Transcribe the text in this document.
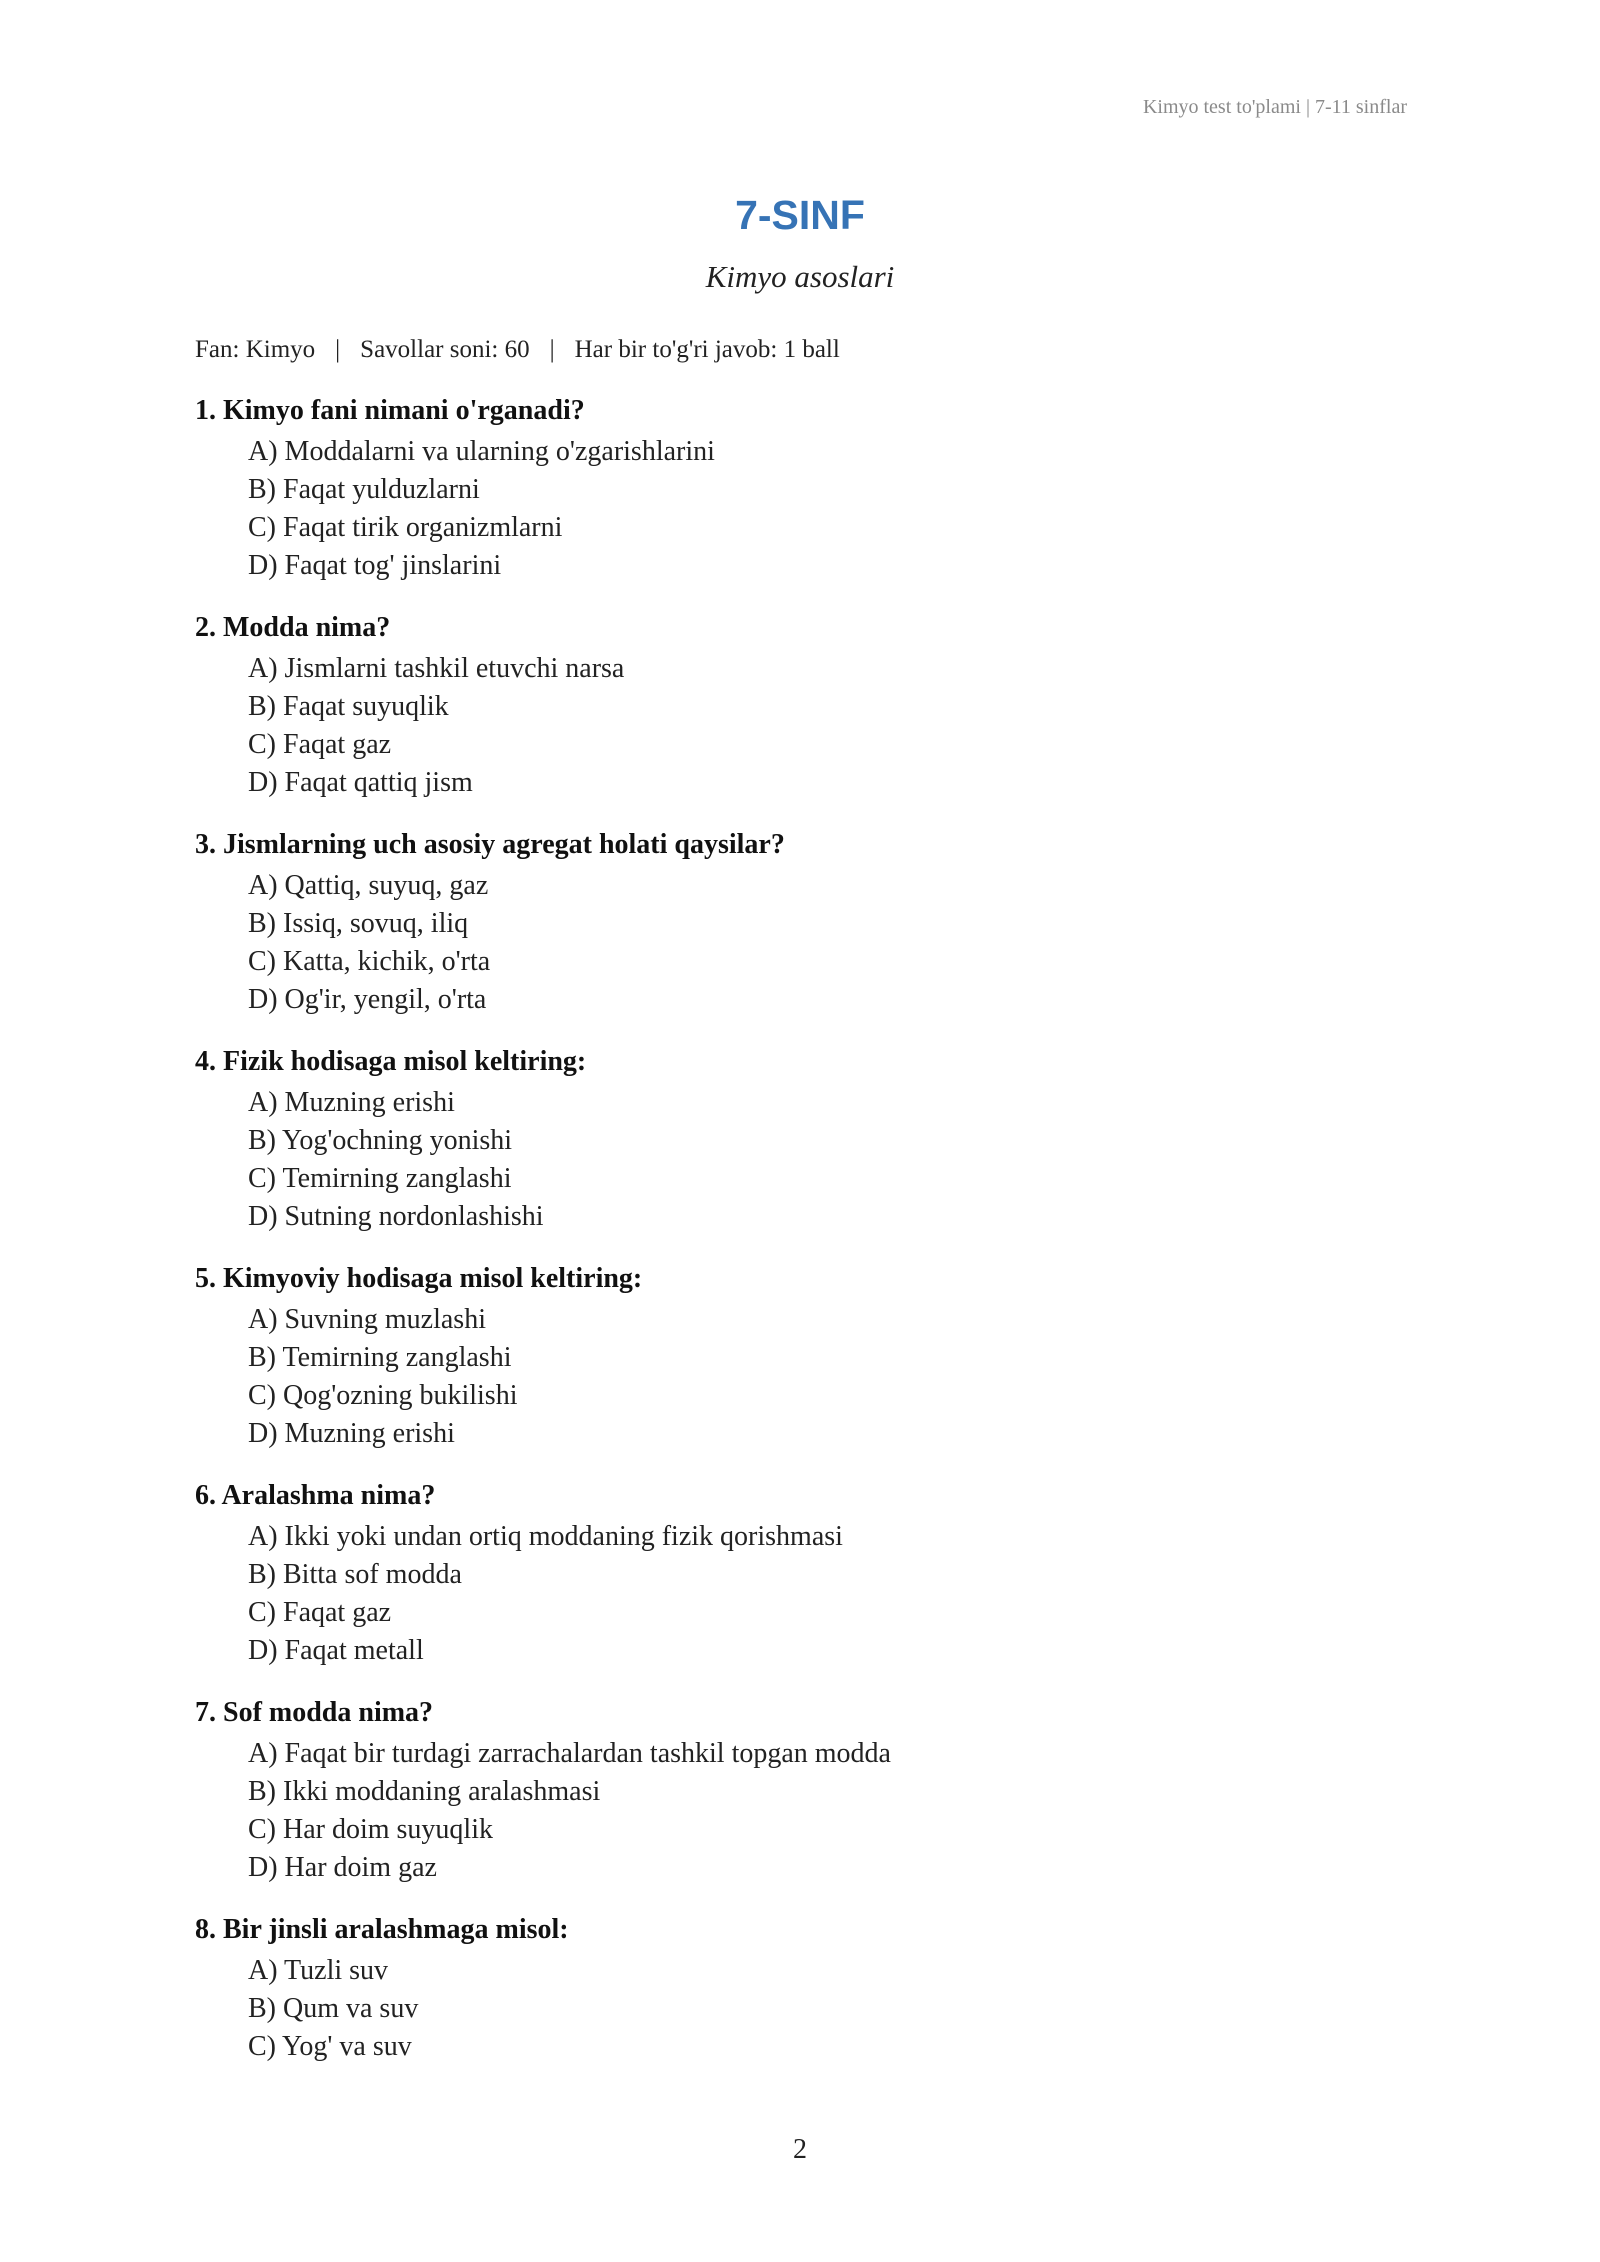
Kimyo test to'plami | 7-11 sinflar
7-SINF
Kimyo asoslari
Fan: Kimyo | Savollar soni: 60 | Har bir to'g'ri javob: 1 ball
1. Kimyo fani nimani o'rganadi?
A) Moddalarni va ularning o'zgarishlarini
B) Faqat yulduzlarni
C) Faqat tirik organizmlarni
D) Faqat tog' jinslarini
2. Modda nima?
A) Jismlarni tashkil etuvchi narsa
B) Faqat suyuqlik
C) Faqat gaz
D) Faqat qattiq jism
3. Jismlarning uch asosiy agregat holati qaysilar?
A) Qattiq, suyuq, gaz
B) Issiq, sovuq, iliq
C) Katta, kichik, o'rta
D) Og'ir, yengil, o'rta
4. Fizik hodisaga misol keltiring:
A) Muzning erishi
B) Yog'ochning yonishi
C) Temirning zanglashi
D) Sutning nordonlashishi
5. Kimyoviy hodisaga misol keltiring:
A) Suvning muzlashi
B) Temirning zanglashi
C) Qog'ozning bukilishi
D) Muzning erishi
6. Aralashma nima?
A) Ikki yoki undan ortiq moddaning fizik qorishmasi
B) Bitta sof modda
C) Faqat gaz
D) Faqat metall
7. Sof modda nima?
A) Faqat bir turdagi zarrachalardan tashkil topgan modda
B) Ikki moddaning aralashmasi
C) Har doim suyuqlik
D) Har doim gaz
8. Bir jinsli aralashmaga misol:
A) Tuzli suv
B) Qum va suv
C) Yog' va suv
2
